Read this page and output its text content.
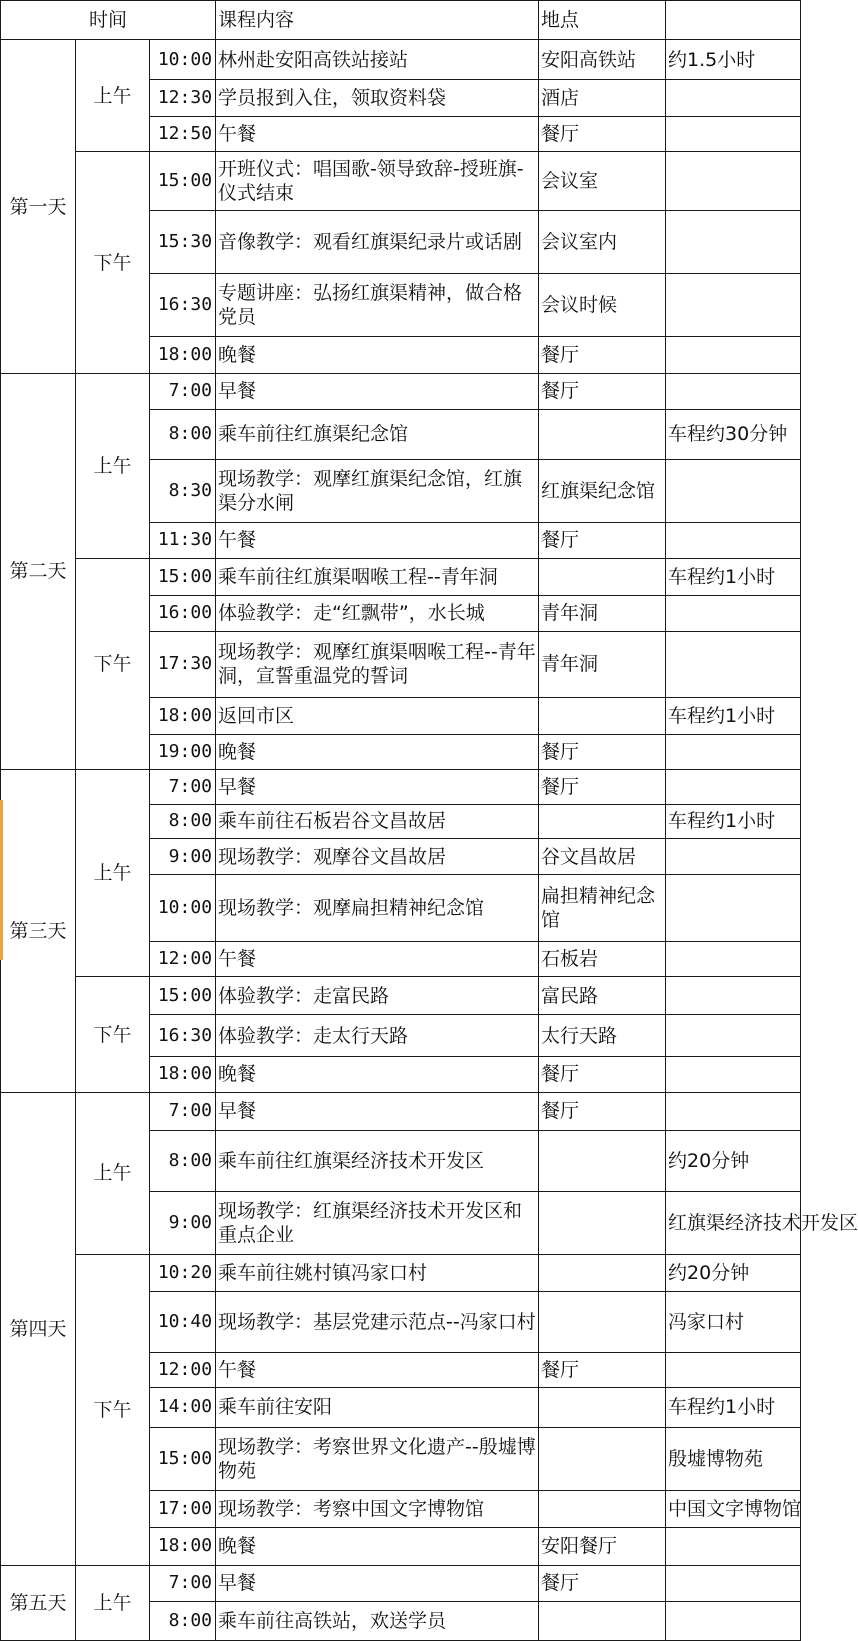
时间			课程内容	地点	
第一天	上午	10:00	林州赴安阳高铁站接站	安阳高铁站	约1.5小时
		12:30	学员报到入住，领取资料袋	酒店	
		12:50	午餐	餐厅	
	下午	15:00	开班仪式：唱国歌-领导致辞-授班旗-仪式结束	会议室	
		15:30	音像教学：观看红旗渠纪录片或话剧	会议室内	
		16:30	专题讲座：弘扬红旗渠精神，做合格党员	会议时候	
		18:00	晚餐	餐厅	
第二天	上午	7:00	早餐	餐厅	
		8:00	乘车前往红旗渠纪念馆		车程约30分钟
		8:30	现场教学：观摩红旗渠纪念馆，红旗渠分水闸	红旗渠纪念馆	
		11:30	午餐	餐厅	
	下午	15:00	乘车前往红旗渠咽喉工程--青年洞		车程约1小时
		16:00	体验教学：走“红飘带”，水长城	青年洞	
		17:30	现场教学：观摩红旗渠咽喉工程--青年洞，宣誓重温党的誓词	青年洞	
		18:00	返回市区		车程约1小时
		19:00	晚餐	餐厅	
第三天	上午	7:00	早餐	餐厅	
		8:00	乘车前往石板岩谷文昌故居		车程约1小时
		9:00	现场教学：观摩谷文昌故居	谷文昌故居	
		10:00	现场教学：观摩扁担精神纪念馆	扁担精神纪念馆	
		12:00	午餐	石板岩	
	下午	15:00	体验教学：走富民路	富民路	
		16:30	体验教学：走太行天路	太行天路	
		18:00	晚餐	餐厅	
第四天	上午	7:00	早餐	餐厅	
		8:00	乘车前往红旗渠经济技术开发区		约20分钟
		9:00	现场教学：红旗渠经济技术开发区和重点企业		红旗渠经济技术开发区
	下午	10:20	乘车前往姚村镇冯家口村		约20分钟
		10:40	现场教学：基层党建示范点--冯家口村		冯家口村
		12:00	午餐	餐厅	
		14:00	乘车前往安阳		车程约1小时
		15:00	现场教学：考察世界文化遗产--殷墟博物苑		殷墟博物苑
		17:00	现场教学：考察中国文字博物馆		中国文字博物馆
		18:00	晚餐	安阳餐厅	
第五天	上午	7:00	早餐	餐厅	
		8:00	乘车前往高铁站，欢送学员		
